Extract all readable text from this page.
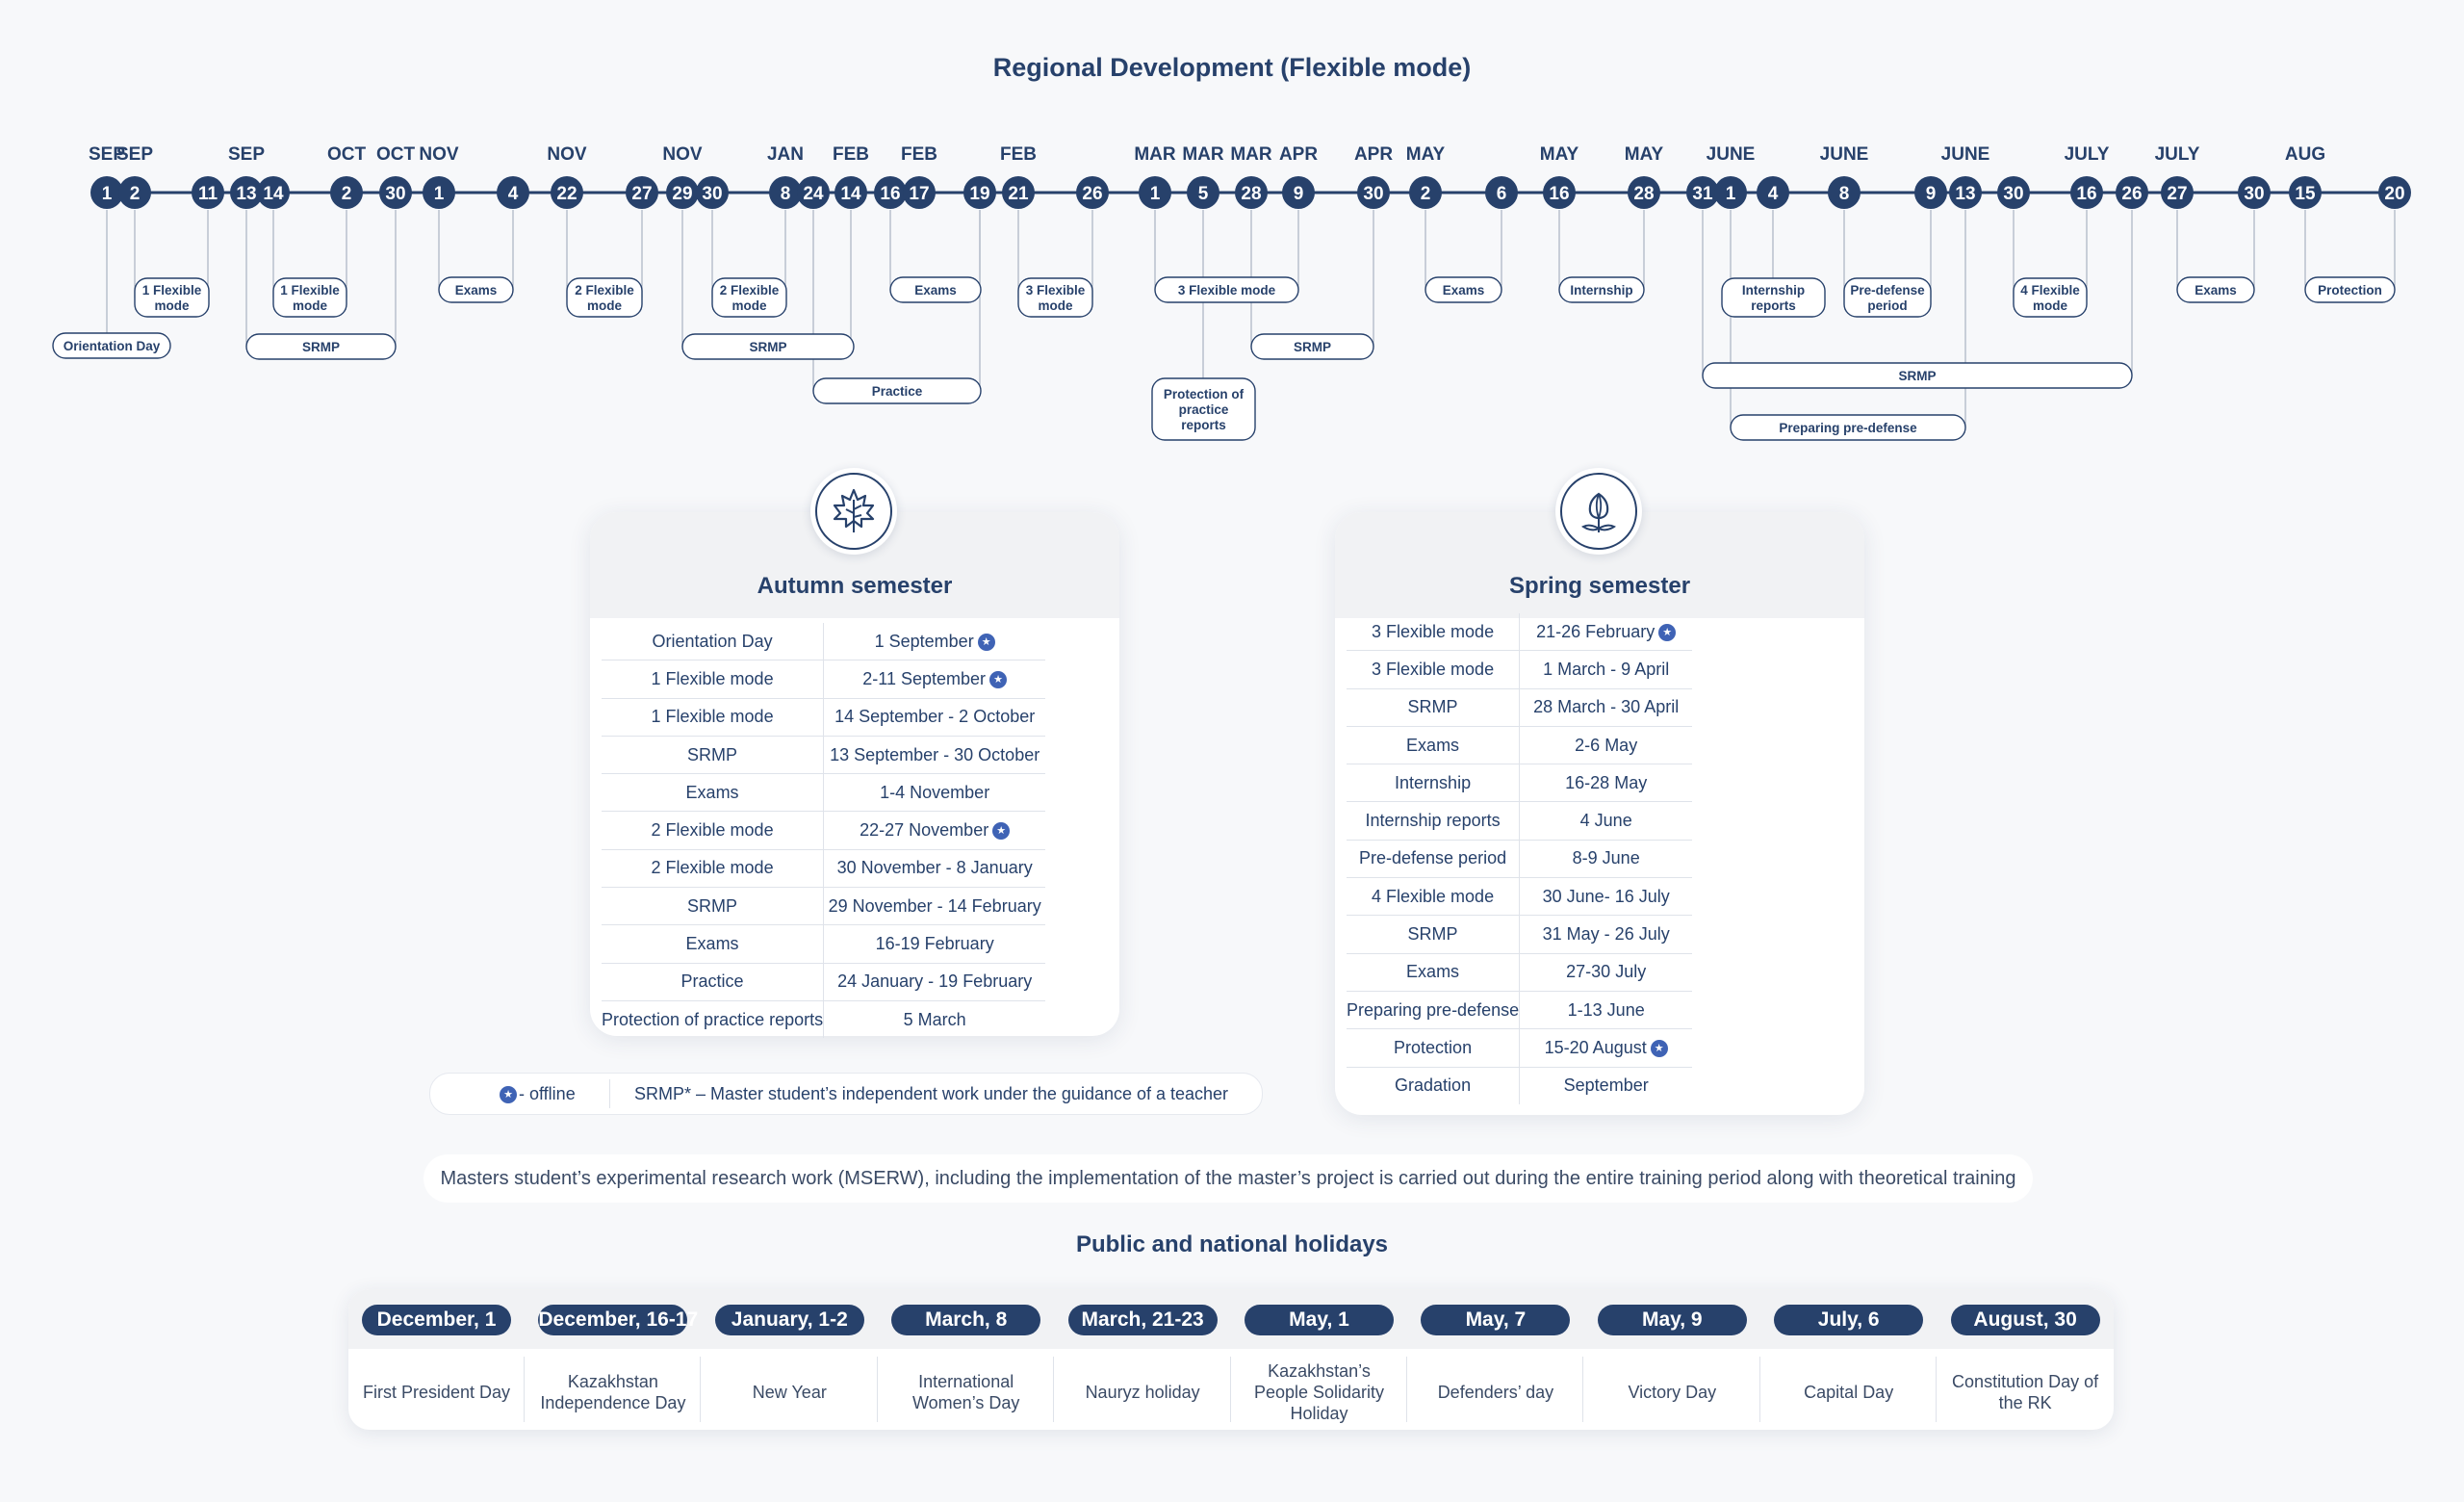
Regional Development (Flexible mode)
SEP
1
SEP
2	11
SEP
13 14
OCT
2
OCT
30
NOV
1	4
NOV
22	27
NOV
29 30
JAN
8 24
FEB
14 16
FEB
17 19
FEB
21	26
MAR
1
MAR
5
MAR
28
APR
9
APR
30
MAY
2	6
MAY
16
MAY
28 31
JUNE
1 4
JUNE
8	9
JUNE
13 30
JULY
16 26
JULY
27	30
AUG
15	20
Orientation Day
1 Flexible mode
1 Flexible mode
SRMP
Exams	2 Flexible mode
2 Flexible mode
SRMP
Practice
Exams	3 Flexible mode
3 Flexible mode
Protection of practice reports
SRMP
Exams	Internship	Internship reports
Pre-defense period
4 Flexible mode
Exams	Protection
SRMP
Preparing pre-defense
Autumn semester
Orientation Day	1 September ★
1 Flexible mode	2-11 September ★
1 Flexible mode	14 September - 2 October
SRMP	13 September - 30 October
Exams	1-4 November
2 Flexible mode	22-27 November ★
2 Flexible mode	30 November - 8 January
SRMP	29 November - 14 February
Exams	16-19 February
Practice	24 January - 19 February
Protection of practice reports	5 March
Spring semester
3 Flexible mode	21-26 February ★
3 Flexible mode	1 March - 9 April
SRMP	28 March - 30 April
Exams	2-6 May
Internship	16-28 May
Internship reports	4 June
Pre-defense period	8-9 June
4 Flexible mode	30 June- 16 July
SRMP	31 May - 26 July
Exams	27-30 July
Preparing pre-defense	1-13 June
Protection	15-20 August ★
Gradation	September
★ - offline	SRMP* – Master student’s independent work under the guidance of a teacher
Masters student’s experimental research work (MSERW), including the implementation of the master’s project is carried out during the entire training period along with theoretical training
Public and national holidays
December, 1
First President Day
December, 16-17
Kazakhstan Independence Day
January, 1-2
New Year
March, 8
International Women’s Day
March, 21-23
Nauryz holiday
May, 1
Kazakhstan’s People Solidarity Holiday
May, 7
Defenders’ day
May, 9
Victory Day
July, 6
Capital Day
August, 30
Constitution Day of the RK
